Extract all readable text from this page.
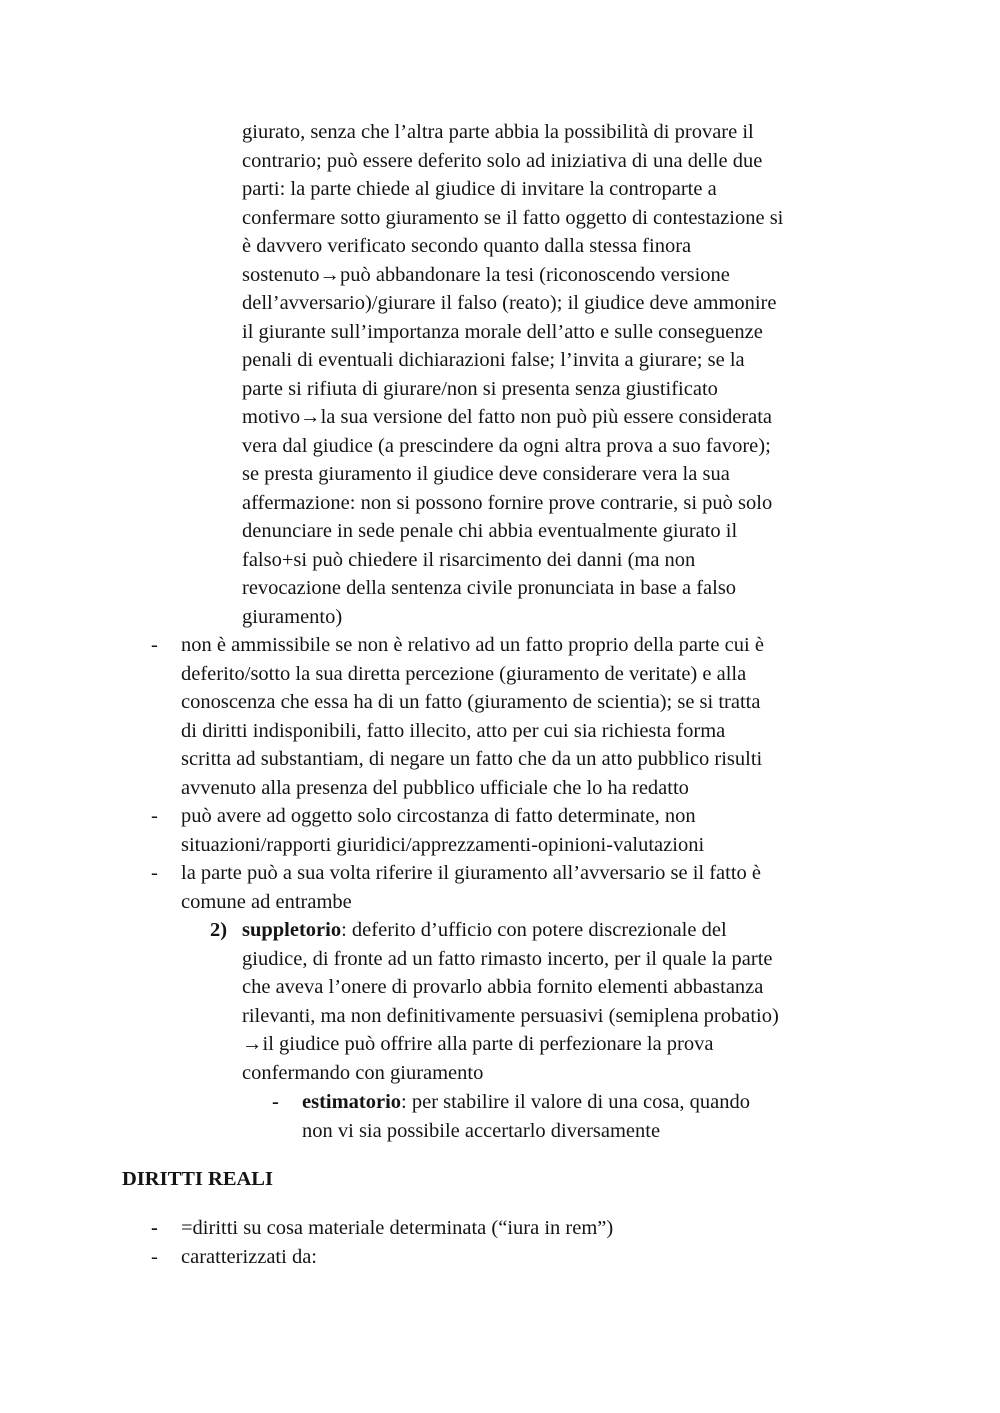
giurato, senza che l’altra parte abbia la possibilità di provare il
contrario; può essere deferito solo ad iniziativa di una delle due
parti: la parte chiede al giudice di invitare la controparte a
confermare sotto giuramento se il fatto oggetto di contestazione si
è davvero verificato secondo quanto dalla stessa finora
sostenuto→può abbandonare la tesi (riconoscendo versione
dell’avversario)/giurare il falso (reato); il giudice deve ammonire
il giurante sull’importanza morale dell’atto e sulle conseguenze
penali di eventuali dichiarazioni false; l’invita a giurare; se la
parte si rifiuta di giurare/non si presenta senza giustificato
motivo→la sua versione del fatto non può più essere considerata
vera dal giudice (a prescindere da ogni altra prova a suo favore);
se presta giuramento il giudice deve considerare vera la sua
affermazione: non si possono fornire prove contrarie, si può solo
denunciare in sede penale chi abbia eventualmente giurato il
falso+si può chiedere il risarcimento dei danni (ma non
revocazione della sentenza civile pronunciata in base a falso
giuramento)
-	non è ammissibile se non è relativo ad un fatto proprio della parte cui è
deferito/sotto la sua diretta percezione (giuramento de veritate) e alla
conoscenza che essa ha di un fatto (giuramento de scientia); se si tratta
di diritti indisponibili, fatto illecito, atto per cui sia richiesta forma
scritta ad substantiam, di negare un fatto che da un atto pubblico risulti
avvenuto alla presenza del pubblico ufficiale che lo ha redatto
-	può avere ad oggetto solo circostanza di fatto determinate, non
situazioni/rapporti giuridici/apprezzamenti-opinioni-valutazioni
-	la parte può a sua volta riferire il giuramento all’avversario se il fatto è
comune ad entrambe
2) suppletorio: deferito d’ufficio con potere discrezionale del
giudice, di fronte ad un fatto rimasto incerto, per il quale la parte
che aveva l’onere di provarlo abbia fornito elementi abbastanza
rilevanti, ma non definitivamente persuasivi (semiplena probatio)
→il giudice può offrire alla parte di perfezionare la prova
confermando con giuramento
-	estimatorio: per stabilire il valore di una cosa, quando
non vi sia possibile accertarlo diversamente
DIRITTI REALI
-	=diritti su cosa materiale determinata (“iura in rem”)
-	caratterizzati da:
